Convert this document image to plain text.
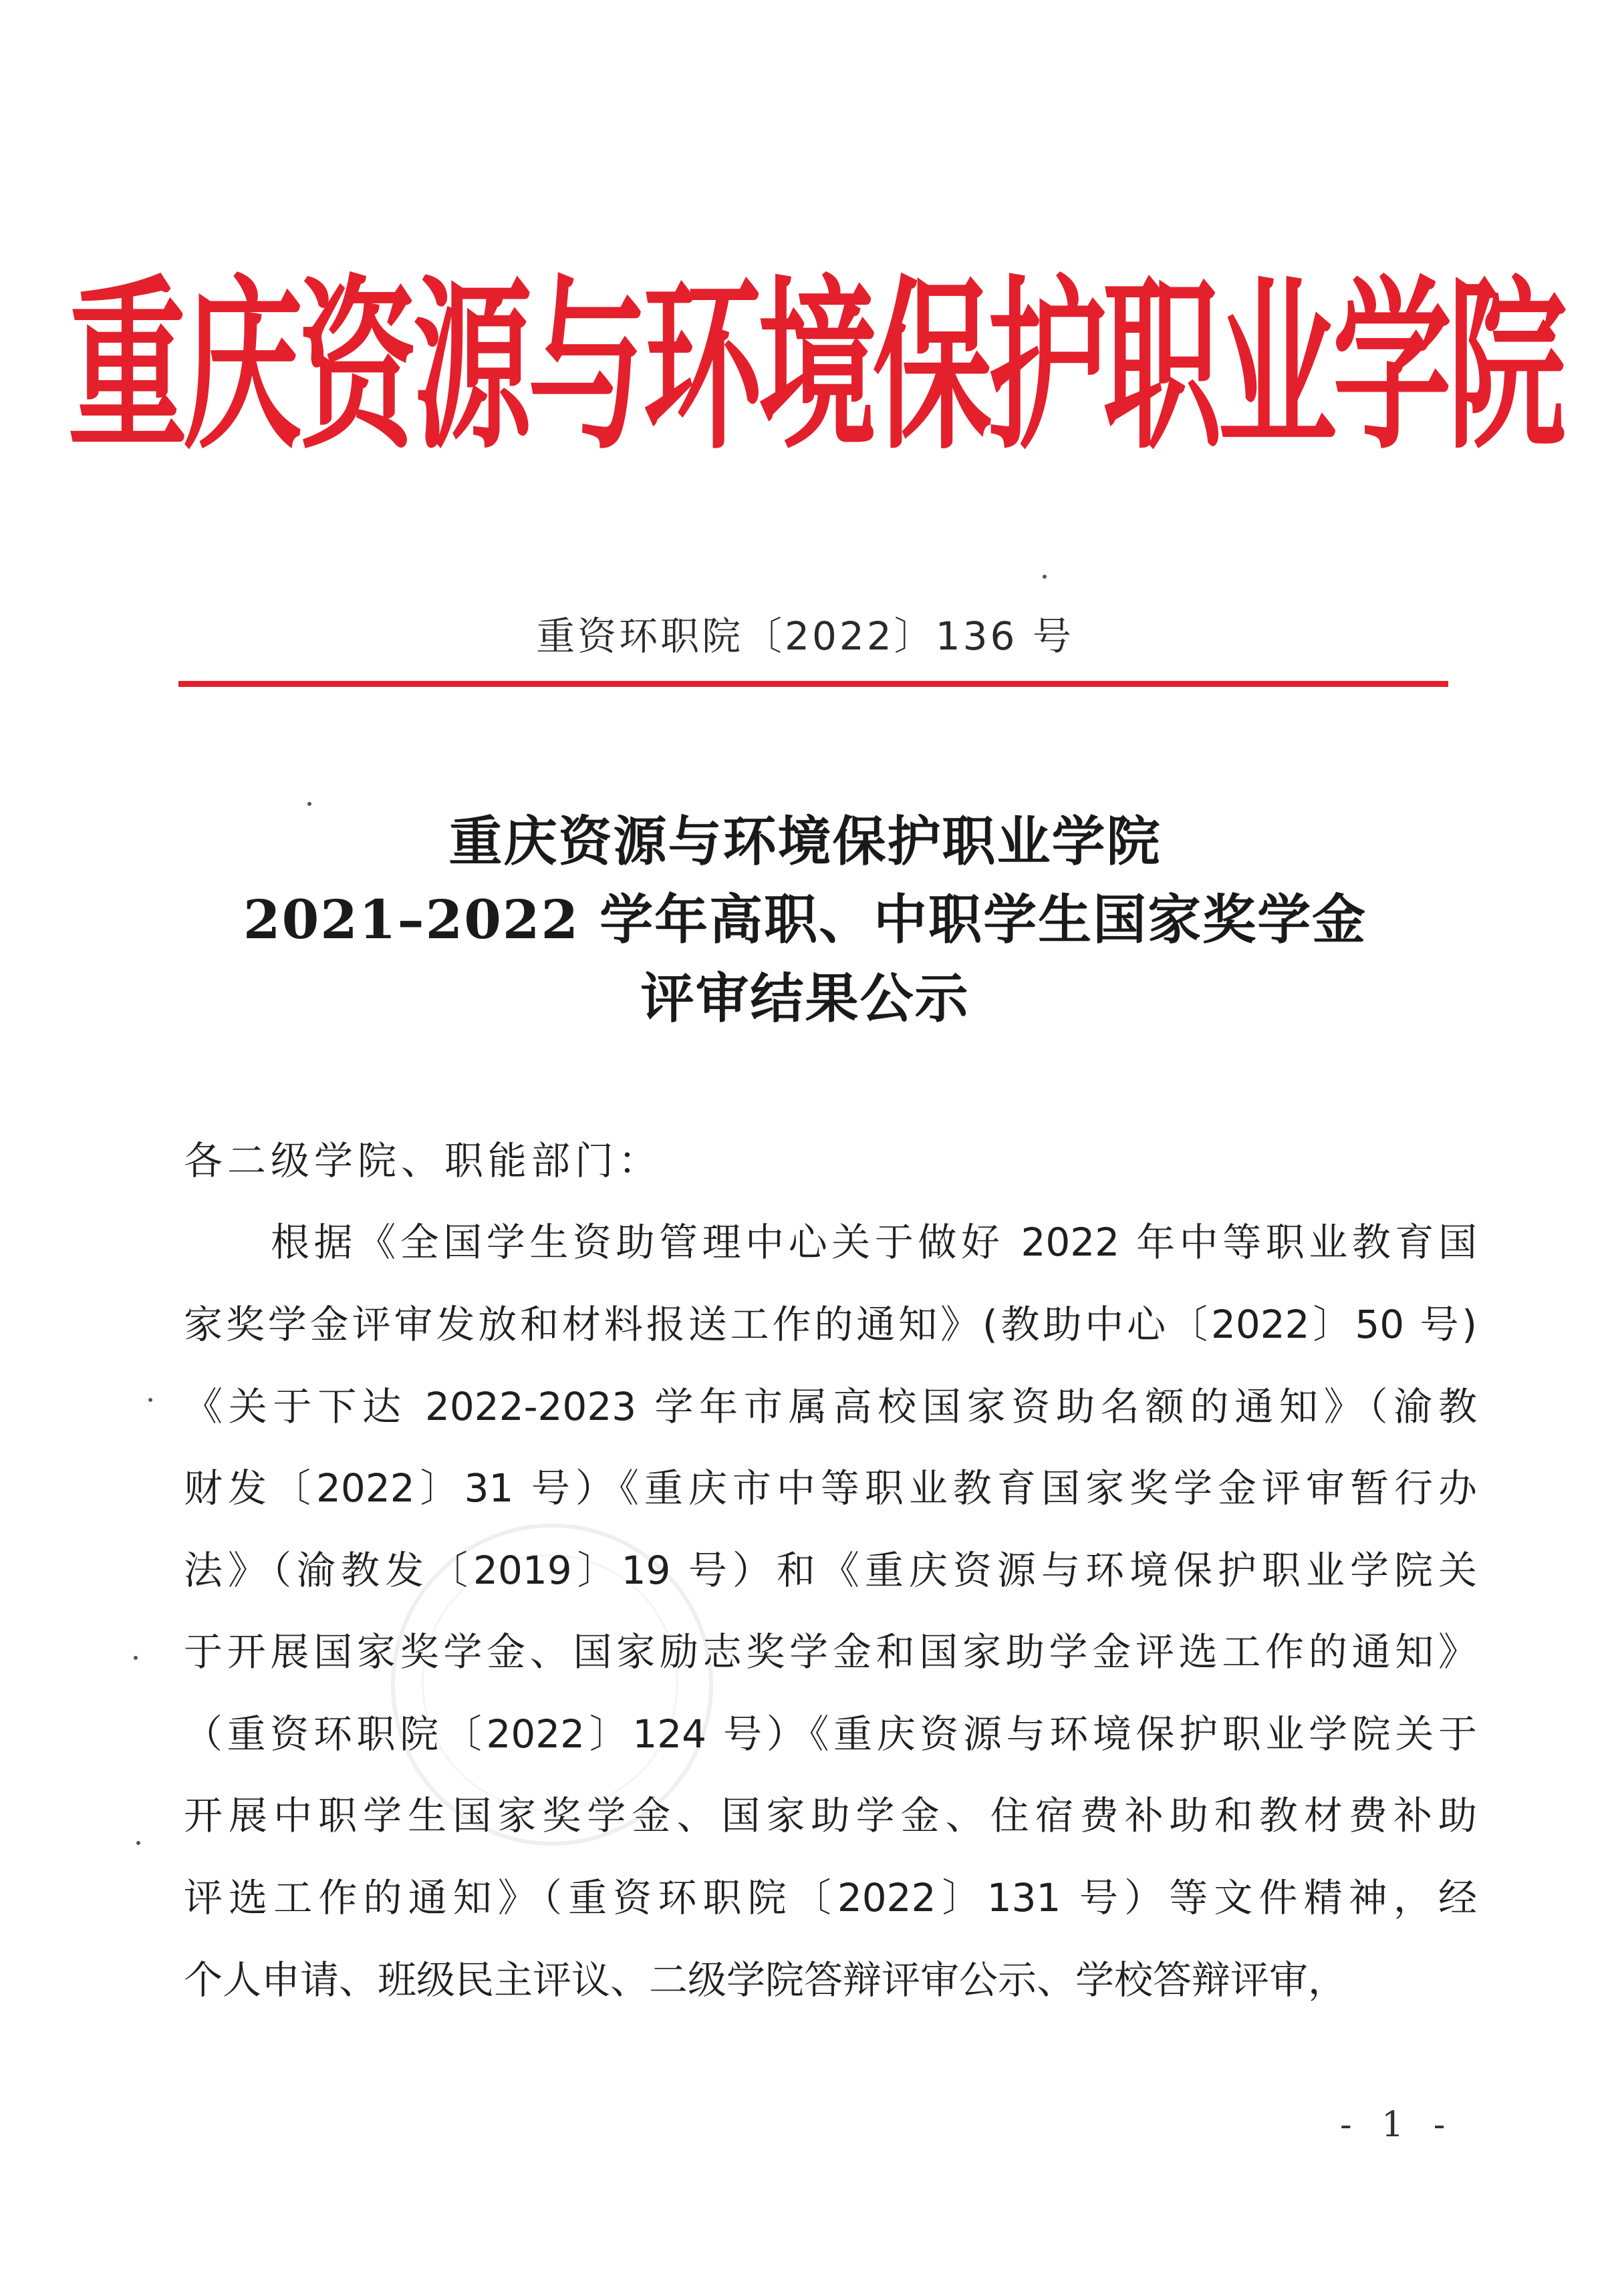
重庆资源与环境保护职业学院
重资环职院〔2022〕136 号
重庆资源与环境保护职业学院
2021–2022 学年高职、中职学生国家奖学金
评审结果公示
各二级学院、职能部门：
根据《全国学生资助管理中心关于做好 2022 年中等职业教育国
家奖学金评审发放和材料报送工作的通知》(教助中心〔2022〕50 号)
《关于下达 2022-2023 学年市属高校国家资助名额的通知》（渝教
财发〔2022〕31 号）《重庆市中等职业教育国家奖学金评审暂行办
法》（渝教发〔2019〕19 号）和《重庆资源与环境保护职业学院关
于开展国家奖学金、国家励志奖学金和国家助学金评选工作的通知》
（重资环职院〔2022〕124 号）《重庆资源与环境保护职业学院关于
开展中职学生国家奖学金、国家助学金、住宿费补助和教材费补助
评选工作的通知》（重资环职院〔2022〕131 号）等文件精神，经
个人申请、班级民主评议、二级学院答辩评审公示、学校答辩评审，
- 1 -
